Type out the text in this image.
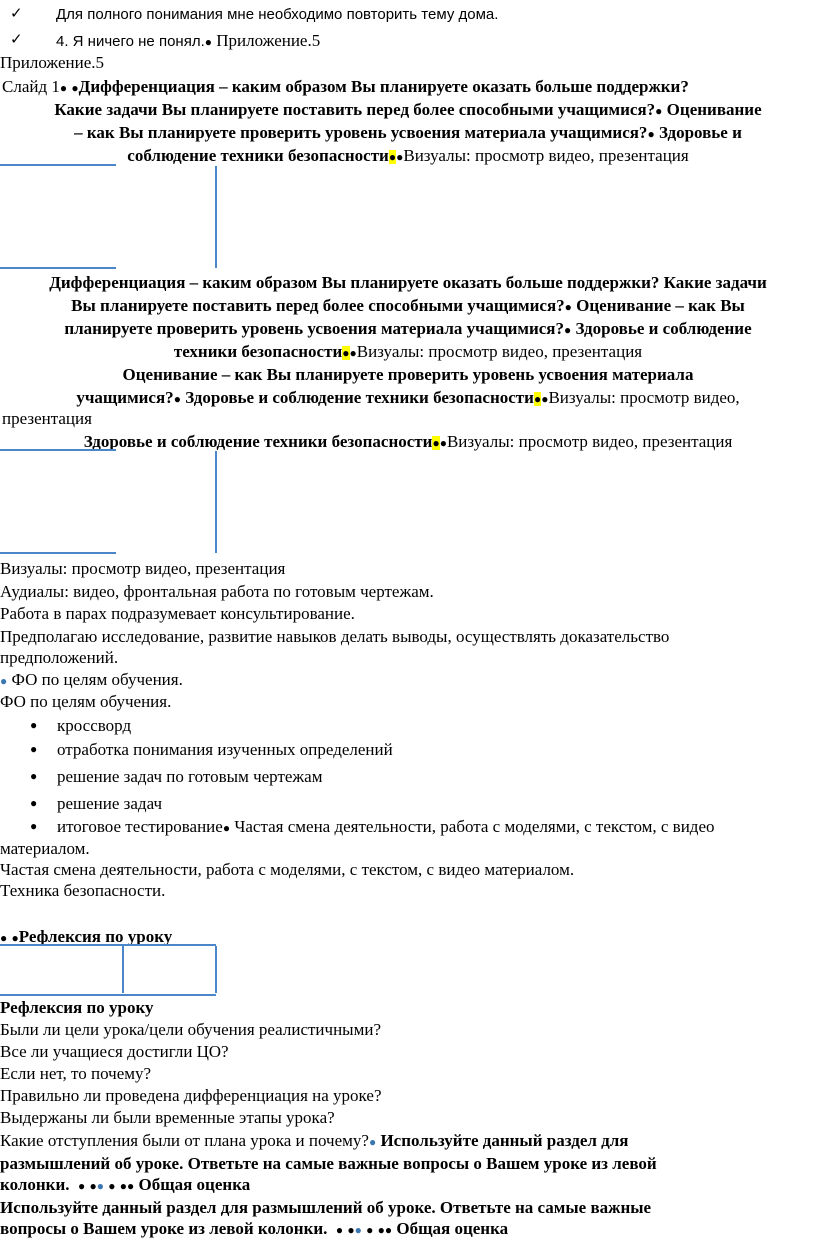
✓ Для полного понимания мне необходимо повторить тему дома.
✓ 4. Я ничего не понял.● Приложение.5
Приложение.5
Слайд 1● ●Дифференциация – каким образом Вы планируете оказать больше поддержки?
Какие задачи Вы планируете поставить перед более способными учащимися?● Оценивание
– как Вы планируете проверить уровень усвоения материала учащимися?● Здоровье и
соблюдение техники безопасности●●Визуалы: просмотр видео, презентация
Дифференциация – каким образом Вы планируете оказать больше поддержки? Какие задачи
Вы планируете поставить перед более способными учащимися?● Оценивание – как Вы
планируете проверить уровень усвоения материала учащимися?● Здоровье и соблюдение
техники безопасности●●Визуалы: просмотр видео, презентация
Оценивание – как Вы планируете проверить уровень усвоения материала
учащимися?● Здоровье и соблюдение техники безопасности●●Визуалы: просмотр видео,
презентация
Здоровье и соблюдение техники безопасности●●Визуалы: просмотр видео, презентация
Визуалы: просмотр видео, презентация
Аудиалы: видео, фронтальная работа по готовым чертежам.
Работа в парах подразумевает консультирование.
Предполагаю исследование, развитие навыков делать выводы, осуществлять доказательство
предположений.
● ФО по целям обучения.
ФО по целям обучения.
● кроссворд
● отработка понимания изученных определений
● решение задач по готовым чертежам
● решение задач
● итоговое тестирование● Частая смена деятельности, работа с моделями, с текстом, с видео
материалом.
Частая смена деятельности, работа с моделями, с текстом, с видео материалом.
Техника безопасности.
● ●Рефлексия по уроку
Рефлексия по уроку
Были ли цели урока/цели обучения реалистичными?
Все ли учащиеся достигли ЦО?
Если нет, то почему?
Правильно ли проведена дифференциация на уроке?
Выдержаны ли были временные этапы урока?
Какие отступления были от плана урока и почему?● Используйте данный раздел для
размышлений об уроке. Ответьте на самые важные вопросы о Вашем уроке из левой
колонки. ● ●● ● ●● Общая оценка
Используйте данный раздел для размышлений об уроке. Ответьте на самые важные
вопросы о Вашем уроке из левой колонки. ● ●● ● ●● Общая оценка
